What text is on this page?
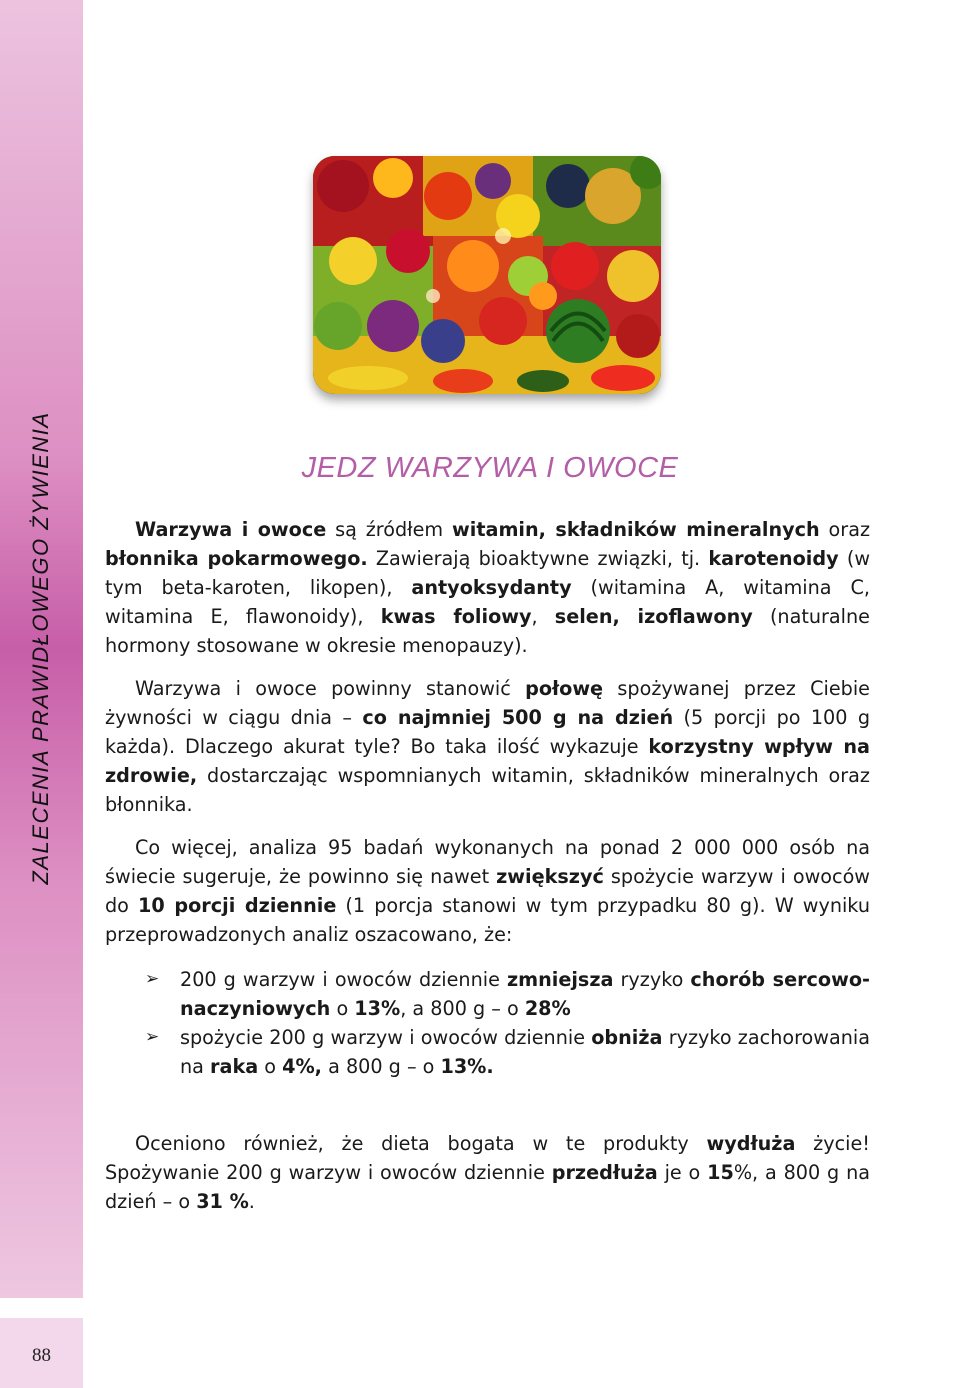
ZALECENIA PRAWIDŁOWEGO ŻYWIENIA
88
JEDZ WARZYWA I OWOCE

Warzywa i owoce są źródłem witamin, składników mineralnych oraz błonnika pokarmowego. Zawierają bioaktywne związki, tj. karotenoidy (w tym beta-karoten, likopen), antyoksydanty (witamina A, witamina C, witamina E, flawonoidy), kwas foliowy, selen, izoflawony (naturalne hormony stosowane w okresie menopauzy).

Warzywa i owoce powinny stanowić połowę spożywanej przez Ciebie żywności w ciągu dnia – co najmniej 500 g na dzień (5 porcji po 100 g każda). Dlaczego akurat tyle? Bo taka ilość wykazuje korzystny wpływ na zdrowie, dostarczając wspomnianych witamin, składników mineralnych oraz błonnika.

Co więcej, analiza 95 badań wykonanych na ponad 2 000 000 osób na świecie sugeruje, że powinno się nawet zwiększyć spożycie warzyw i owoców do 10 porcji dziennie (1 porcja stanowi w tym przypadku 80 g). W wyniku przeprowadzonych analiz oszacowano, że:

➢ 200 g warzyw i owoców dziennie zmniejsza ryzyko chorób sercowo-naczyniowych o 13%, a 800 g – o 28%
➢ spożycie 200 g warzyw i owoców dziennie obniża ryzyko zachorowania na raka o 4%, a 800 g – o 13%.

Oceniono również, że dieta bogata w te produkty wydłuża życie! Spożywanie 200 g warzyw i owoców dziennie przedłuża je o 15%, a 800 g na dzień – o 31 %.
